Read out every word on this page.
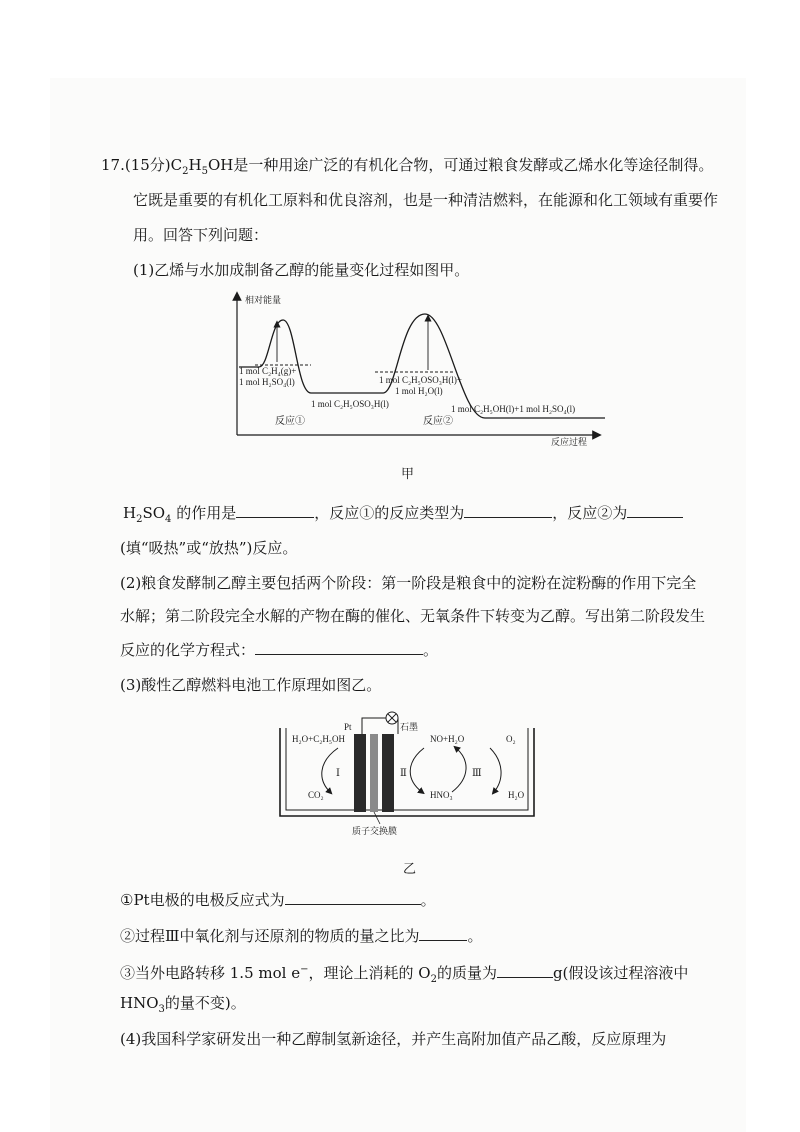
17.(15分)$C_2H_5OH$是一种用途广泛的有机化合物，可通过粮食发酵或乙烯水化等途径制得。
它既是重要的有机化工原料和优良溶剂，也是一种清洁燃料，在能源和化工领域有重要作
用。回答下列问题：
(1)乙烯与水加成制备乙醇的能量变化过程如图甲。
相对能量
反应过程
1 mol C₂H₄(g)+
1 mol H₂SO₄(l)
1 mol C₂H₅OSO₃H(l)
1 mol C₂H₅OSO₃H(l)+
1 mol H₂O(l)
1 mol C₂H₅OH(l)+1 mol H₂SO₄(l)
反应①	反应②
甲
$H_2SO_4$ 的作用是	，反应①的反应类型为	，反应②为
(填“吸热”或“放热”)反应。
(2)粮食发酵制乙醇主要包括两个阶段：第一阶段是粮食中的淀粉在淀粉酶的作用下完全
水解；第二阶段完全水解的产物在酶的催化、无氧条件下转变为乙醇。写出第二阶段发生
反应的化学方程式：	。
(3)酸性乙醇燃料电池工作原理如图乙。
Pt	石墨
H₂O+C₂H₅OH
CO₂
Ⅰ
NO+H₂O
HNO₃
Ⅱ	Ⅲ
O₂
H₂O
质子交换膜
乙
①Pt电极的电极反应式为	。
②过程Ⅲ中氧化剂与还原剂的物质的量之比为	。
③当外电路转移 1.5 mol e−，理论上消耗的 $O_2$的质量为	g(假设该过程溶液中
$HNO_3$的量不变)。
(4)我国科学家研发出一种乙醇制氢新途径，并产生高附加值产品乙酸，反应原理为
